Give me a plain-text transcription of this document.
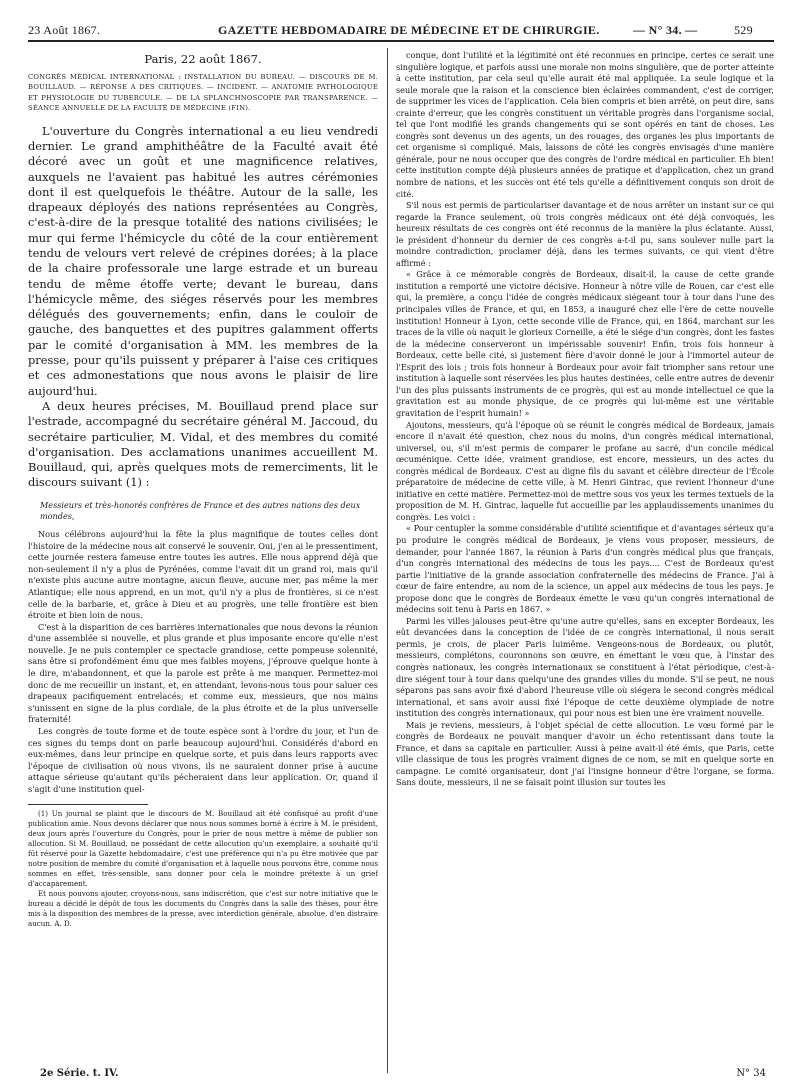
23 Août 1867.	GAZETTE HEBDOMADAIRE DE MÉDECINE ET DE CHIRURGIE.	— N° 34. —	529
Paris, 22 août 1867.
CONGRÈS MÉDICAL INTERNATIONAL : INSTALLATION DU BUREAU. — DISCOURS DE M. BOUILLAUD. — RÉPONSE A DES CRITIQUES. — INCIDENT. — ANATOMIE PATHOLOGIQUE ET PHYSIOLOGIE DU TUBERCULE. — DE LA SPLANCHNOSCOPIE PAR TRANSPARENCE. — SÉANCE ANNUELLE DE LA FACULTÉ DE MÉDECINE (FIN).

L'ouverture du Congrès international a eu lieu vendredi dernier. Le grand amphithéâtre de la Faculté avait été décoré avec un goût et une magnificence relatives, auxquels ne l'avaient pas habitué les autres cérémonies dont il est quelquefois le théâtre. Autour de la salle, les drapeaux déployés des nations représentées au Congrès, c'est-à-dire de la presque totalité des nations civilisées; le mur qui ferme l'hémicycle du côté de la cour entièrement tendu de velours vert relevé de crépines dorées; à la place de la chaire professorale une large estrade et un bureau tendu de même étoffe verte; devant le bureau, dans l'hémicycle même, des siéges réservés pour les membres délégués des gouvernements; enfin, dans le couloir de gauche, des banquettes et des pupitres galamment offerts par le comité d'organisation à MM. les membres de la presse, pour qu'ils puissent y préparer à l'aise ces critiques et ces admonestations que nous avons le plaisir de lire aujourd'hui.

A deux heures précises, M. Bouillaud prend place sur l'estrade, accompagné du secrétaire général M. Jaccoud, du secrétaire particulier, M. Vidal, et des membres du comité d'organisation. Des acclamations unanimes accueillent M. Bouillaud, qui, après quelques mots de remerciments, lit le discours suivant (1) :

Messieurs et très-honorés confrères de France et des autres nations des deux mondes,

Nous célébrons aujourd'hui la fête la plus magnifique de toutes celles dont l'histoire de la médecine nous ait conservé le souvenir. Oui, j'en ai le pressentiment, cette journée restera fameuse entre toutes les autres. Elle nous apprend déjà que non-seulement il n'y a plus de Pyrénées, comme l'avait dit un grand roi, mais qu'il n'existe plus aucune autre montagne, aucun fleuve, aucune mer, pas même la mer Atlantique; elle nous apprend, en un mot, qu'il n'y a plus de frontières, si ce n'est celle de la barbarie, et, grâce à Dieu et au progrès, une telle frontière est bien étroite et bien loin de nous.

C'est à la disparition de ces barrières internationales que nous devons la réunion d'une assemblée si nouvelle, et plus grande et plus imposante encore qu'elle n'est nouvelle. Je ne puis contempler ce spectacle grandiose, cette pompeuse solennité, sans être si profondément ému que mes faibles moyens, j'éprouve quelque honte à le dire, m'abandonnent, et que la parole est prête à me manquer. Permettez-moi donc de me recueillir un instant, et, en attendant, levons-nous tous pour saluer ces drapeaux pacifiquement entrelacés; et comme eux, messieurs, que nos mains s'unissent en signe de la plus cordiale, de la plus étroite et de la plus universelle fraternité!

Les congrès de toute forme et de toute espèce sont à l'ordre du jour, et l'un de ces signes du temps dont on parle beaucoup aujourd'hui. Considérés d'abord en eux-mêmes, dans leur principe en quelque sorte, et puis dans leurs rapports avec l'époque de civilisation où nous vivons, ils ne sauraient donner prise à aucune attaque sérieuse qu'autant qu'ils pécheraient dans leur application. Or, quand il s'agit d'une institution quel-

(1) Un journal se plaint que le discours de M. Bouillaud ait été confisqué au profit d'une publication amie. Nous devons déclarer que nous nous sommes borné à écrire à M. le président, deux jours après l'ouverture du Congrès, pour le prier de nous mettre à même de publier son allocution. Si M. Bouillaud, ne possédant de cette allocution qu'un exemplaire, a souhaité qu'il fût réservé pour la Gazette hebdomadaire, c'est une préférence qui n'a pu être motivée que par notre position de membre du comité d'organisation et à laquelle nous pouvons être, comme nous sommes en effet, très-sensible, sans donner pour cela le moindre prétexte à un grief d'accaparement.

Et nous pouvons ajouter, croyons-nous, sans indiscrétion, que c'est sur notre initiative que le bureau a décidé le dépôt de tous les documents du Congrès dans la salle des thèses, pour être mis à la disposition des membres de la presse, avec interdiction générale, absolue, d'en distraire aucun. A. D.

conque, dont l'utilité et la légitimité ont été reconnues en principe, certes ce serait une singulière logique, et parfois aussi une morale non moins singulière, que de porter atteinte à cette institution, par cela seul qu'elle aurait été mal appliquée. La seule logique et la seule morale que la raison et la conscience bien éclairées commandent, c'est de corriger, de supprimer les vices de l'application. Cela bien compris et bien arrêté, on peut dire, sans crainte d'erreur, que les congrès constituent un véritable progrès dans l'organisme social, tel que l'ont modifié les grands changements qui se sont opérés en tant de choses. Les congrès sont devenus un des agents, un des rouages, des organes les plus importants de cet organisme si compliqué. Mais, laissons de côté les congrès envisagés d'une manière générale, pour ne nous occuper que des congrès de l'ordre médical en particulier. Eh bien! cette institution compte déjà plusieurs années de pratique et d'application, chez un grand nombre de nations, et les succès ont été tels qu'elle a définitivement conquis son droit de cité.

S'il nous est permis de particulariser davantage et de nous arrêter un instant sur ce qui regarde la France seulement, où trois congrès médicaux ont été déjà convoqués, les heureux résultats de ces congrès ont été reconnus de la manière la plus éclatante. Aussi, le président d'honneur du dernier de ces congrès a-t-il pu, sans soulever nulle part la moindre contradiction, proclamer déjà, dans les termes suivants, ce qui vient d'être affirmé :

« Grâce à ce mémorable congrès de Bordeaux, disait-il, la cause de cette grande institution a remporté une victoire décisive. Honneur à nôtre ville de Rouen, car c'est elle qui, la première, a conçu l'idée de congrès médicaux siégeant tour à tour dans l'une des principales villes de France, et qui, en 1853, a inauguré chez elle l'ère de cette nouvelle institution! Honneur à Lyon, cette seconde ville de France, qui, en 1864, marchant sur les traces de la ville où naquit le glorieux Corneille, a été le siége d'un congrès, dont les fastes de la médecine conserveront un impérissable souvenir! Enfin, trois fois honneur à Bordeaux, cette belle cité, si justement fière d'avoir donné le jour à l'immortel auteur de l'Esprit des lois ; trois fois honneur à Bordeaux pour avoir fait triompher sans retour une institution à laquelle sont réservées les plus hautes destinées, celle entre autres de devenir l'un des plus puissants instruments de ce progrès, qui est au monde intellectuel ce que la gravitation est au monde physique, de ce progrès qui lui-même est une véritable gravitation de l'esprit humain! »

Ajoutons, messieurs, qu'à l'époque où se réunit le congrès médical de Bordeaux, jamais encore il n'avait été question, chez nous du moins, d'un congrès médical international, universel, ou, s'il m'est permis de comparer le profane au sacré, d'un concile médical œcuménique. Cette idée, vraiment grandiose, est encore, messieurs, un des actes du congrès médical de Bordeaux. C'est au digne fils du savant et célèbre directeur de l'École préparatoire de médecine de cette ville, à M. Henri Gintrac, que revient l'honneur d'une initiative en cette matière. Permettez-moi de mettre sous vos yeux les termes textuels de la proposition de M. H. Gintrac, laquelle fut accueillie par les applaudissements unanimes du congrès. Les voici :

« Pour centupler la somme considérable d'utilité scientifique et d'avantages sérieux qu'a pu produire le congrès médical de Bordeaux, je viens vous proposer, messieurs, de demander, pour l'année 1867, la réunion à Paris d'un congrès médical plus que français, d'un congrès international des médecins de tous les pays.... C'est de Bordeaux qu'est partie l'initiative de la grande association confraternelle des médecins de France. J'ai à cœur de faire entendre, au nom de la science, un appel aux médecins de tous les pays. Je propose donc que le congrès de Bordeaux émette le vœu qu'un congrès international de médecins soit tenu à Paris en 1867. »

Parmi les villes jalouses peut-être qu'une autre qu'elles, sans en excepter Bordeaux, les eût devancées dans la conception de l'idée de ce congrès international, il nous serait permis, je crois, de placer Paris luimême. Vengeons-nous de Bordeaux, ou plutôt, messieurs, complétons, couronnons son œuvre, en émettant le vœu que, à l'instar des congrès nationaux, les congrès internationaux se constituent à l'état périodique, c'est-à-dire siégent tour à tour dans quelqu'une des grandes villes du monde. S'il se peut, ne nous séparons pas sans avoir fixé d'abord l'heureuse ville où siégera le second congrès médical international, et sans avoir aussi fixé l'époque de cette deuxième olympiade de notre institution des congrès internationaux, qui pour nous est bien une ère vraiment nouvelle.

Mais je reviens, messieurs, à l'objet spécial de cette allocution. Le vœu formé par le congrès de Bordeaux ne pouvait manquer d'avoir un écho retentissant dans toute la France, et dans sa capitale en particulier. Aussi à peine avait-il été émis, que Paris, cette ville classique de tous les progrès vraiment dignes de ce nom, se mit en quelque sorte en campagne. Le comité organisateur, dont j'ai l'insigne honneur d'être l'organe, se forma. Sans doute, messieurs, il ne se faisait point illusion sur toutes les

2e Série. t. IV.	N° 34
